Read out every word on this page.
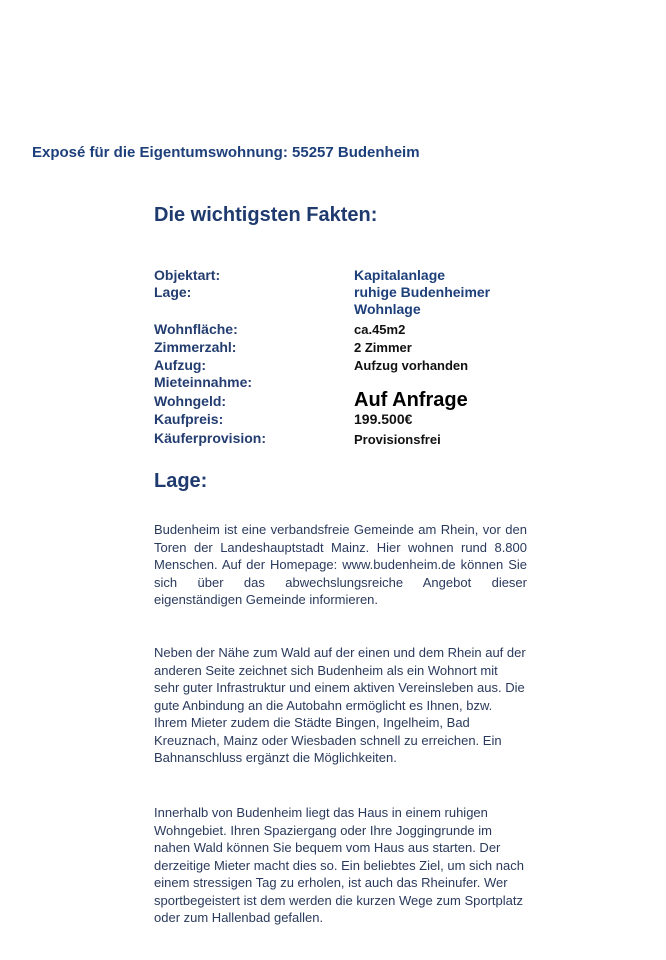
Exposé für die Eigentumswohnung: 55257 Budenheim
Die wichtigsten Fakten:
Objektart:	Kapitalanlage
Lage:	ruhige Budenheimer Wohnlage
Wohnfläche:	ca.45m2
Zimmerzahl:	2 Zimmer
Aufzug:	Aufzug vorhanden
Mieteinnahme:
Wohngeld:	Auf Anfrage
Kaufpreis:	199.500€
Käuferprovision:	Provisionsfrei
Lage:
Budenheim ist eine verbandsfreie Gemeinde am Rhein, vor den Toren der Landeshauptstadt Mainz. Hier wohnen rund 8.800 Menschen. Auf der Homepage: www.budenheim.de können Sie sich über das abwechslungsreiche Angebot dieser eigenständigen Gemeinde informieren.
Neben der Nähe zum Wald auf der einen und dem Rhein auf der anderen Seite zeichnet sich Budenheim als ein Wohnort mit sehr guter Infrastruktur und einem aktiven Vereinsleben aus. Die gute Anbindung an die Autobahn ermöglicht es Ihnen, bzw. Ihrem Mieter zudem die Städte Bingen, Ingelheim, Bad Kreuznach, Mainz oder Wiesbaden schnell zu erreichen. Ein Bahnanschluss ergänzt die Möglichkeiten.
Innerhalb von Budenheim liegt das Haus in einem ruhigen Wohngebiet. Ihren Spaziergang oder Ihre Joggingrunde im nahen Wald können Sie bequem vom Haus aus starten. Der derzeitige Mieter macht dies so. Ein beliebtes Ziel, um sich nach einem stressigen Tag zu erholen, ist auch das Rheinufer. Wer sportbegeistert ist dem werden die kurzen Wege zum Sportplatz oder zum Hallenbad gefallen.
